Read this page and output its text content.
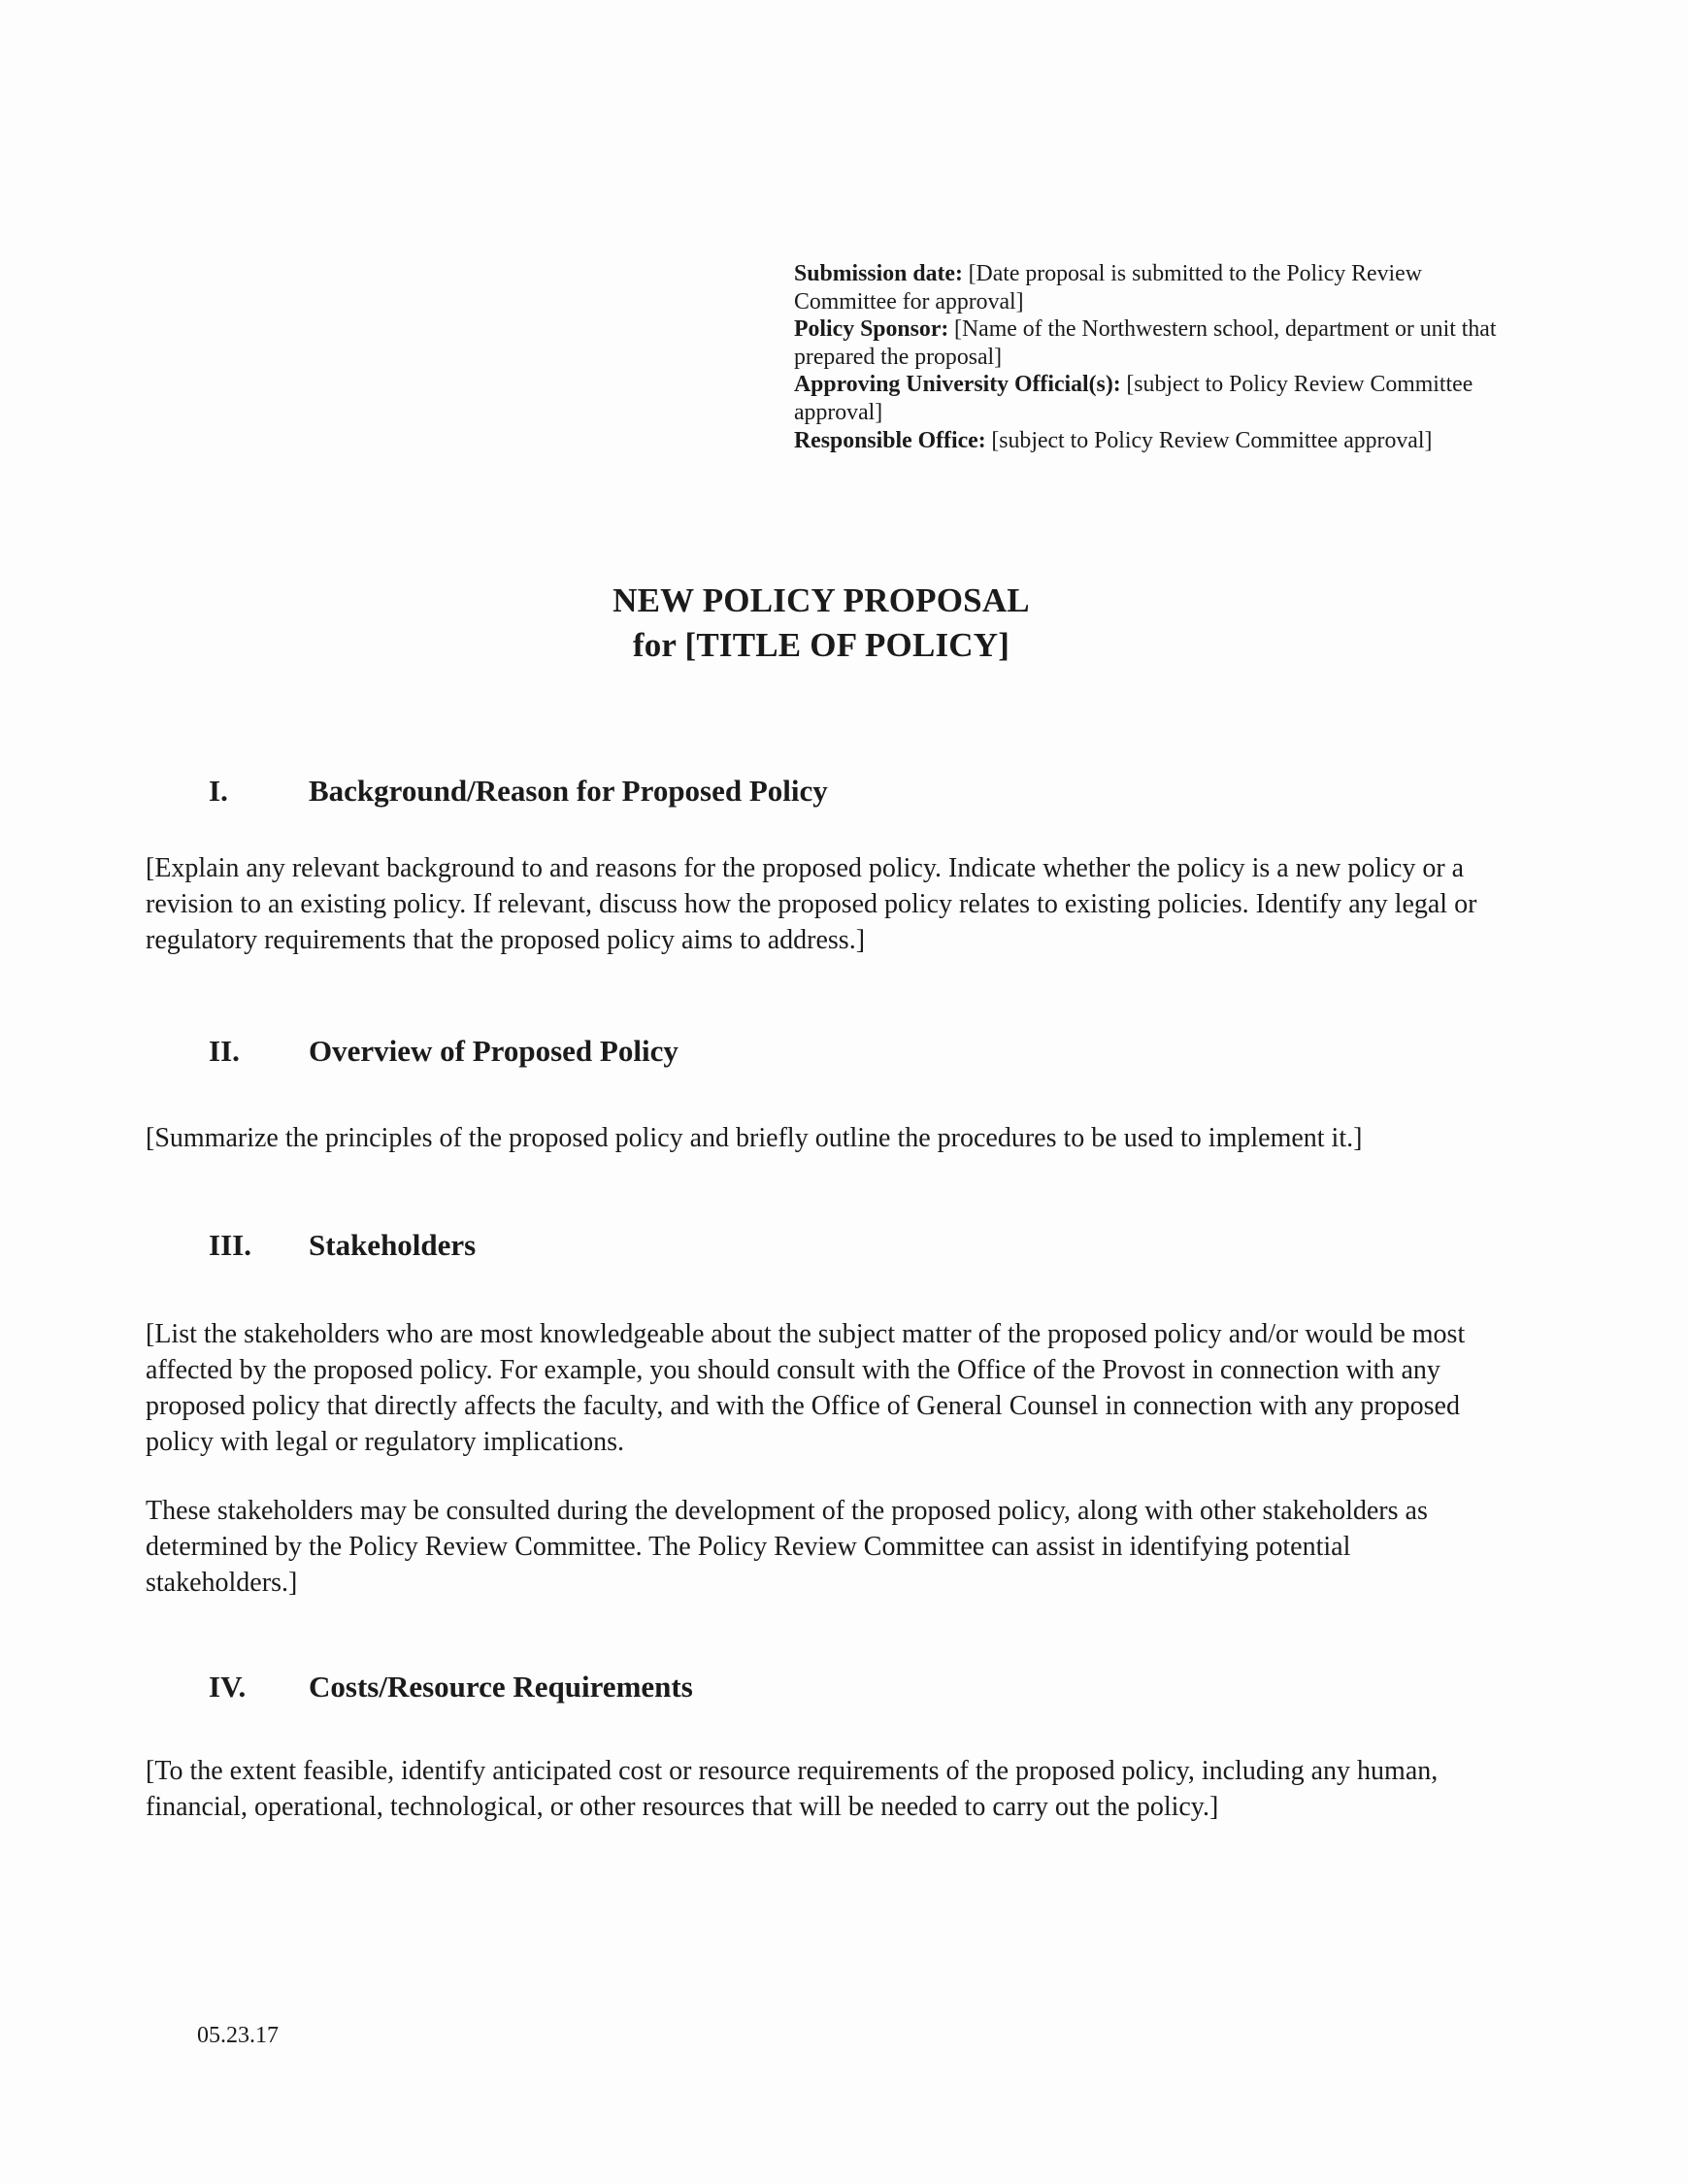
Submission date: [Date proposal is submitted to the Policy Review Committee for approval]

Policy Sponsor: [Name of the Northwestern school, department or unit that prepared the proposal]

Approving University Official(s): [subject to Policy Review Committee approval]

Responsible Office: [subject to Policy Review Committee approval]

NEW POLICY PROPOSAL
for [TITLE OF POLICY]
I.	Background/Reason for Proposed Policy

[Explain any relevant background to and reasons for the proposed policy. Indicate whether the policy is a new policy or a revision to an existing policy. If relevant, discuss how the proposed policy relates to existing policies. Identify any legal or regulatory requirements that the proposed policy aims to address.]

II.	Overview of Proposed Policy

[Summarize the principles of the proposed policy and briefly outline the procedures to be used to implement it.]

III.	Stakeholders

[List the stakeholders who are most knowledgeable about the subject matter of the proposed policy and/or would be most affected by the proposed policy. For example, you should consult with the Office of the Provost in connection with any proposed policy that directly affects the faculty, and with the Office of General Counsel in connection with any proposed policy with legal or regulatory implications.

These stakeholders may be consulted during the development of the proposed policy, along with other stakeholders as determined by the Policy Review Committee. The Policy Review Committee can assist in identifying potential stakeholders.]

IV.	Costs/Resource Requirements

[To the extent feasible, identify anticipated cost or resource requirements of the proposed policy, including any human, financial, operational, technological, or other resources that will be needed to carry out the policy.]

05.23.17
